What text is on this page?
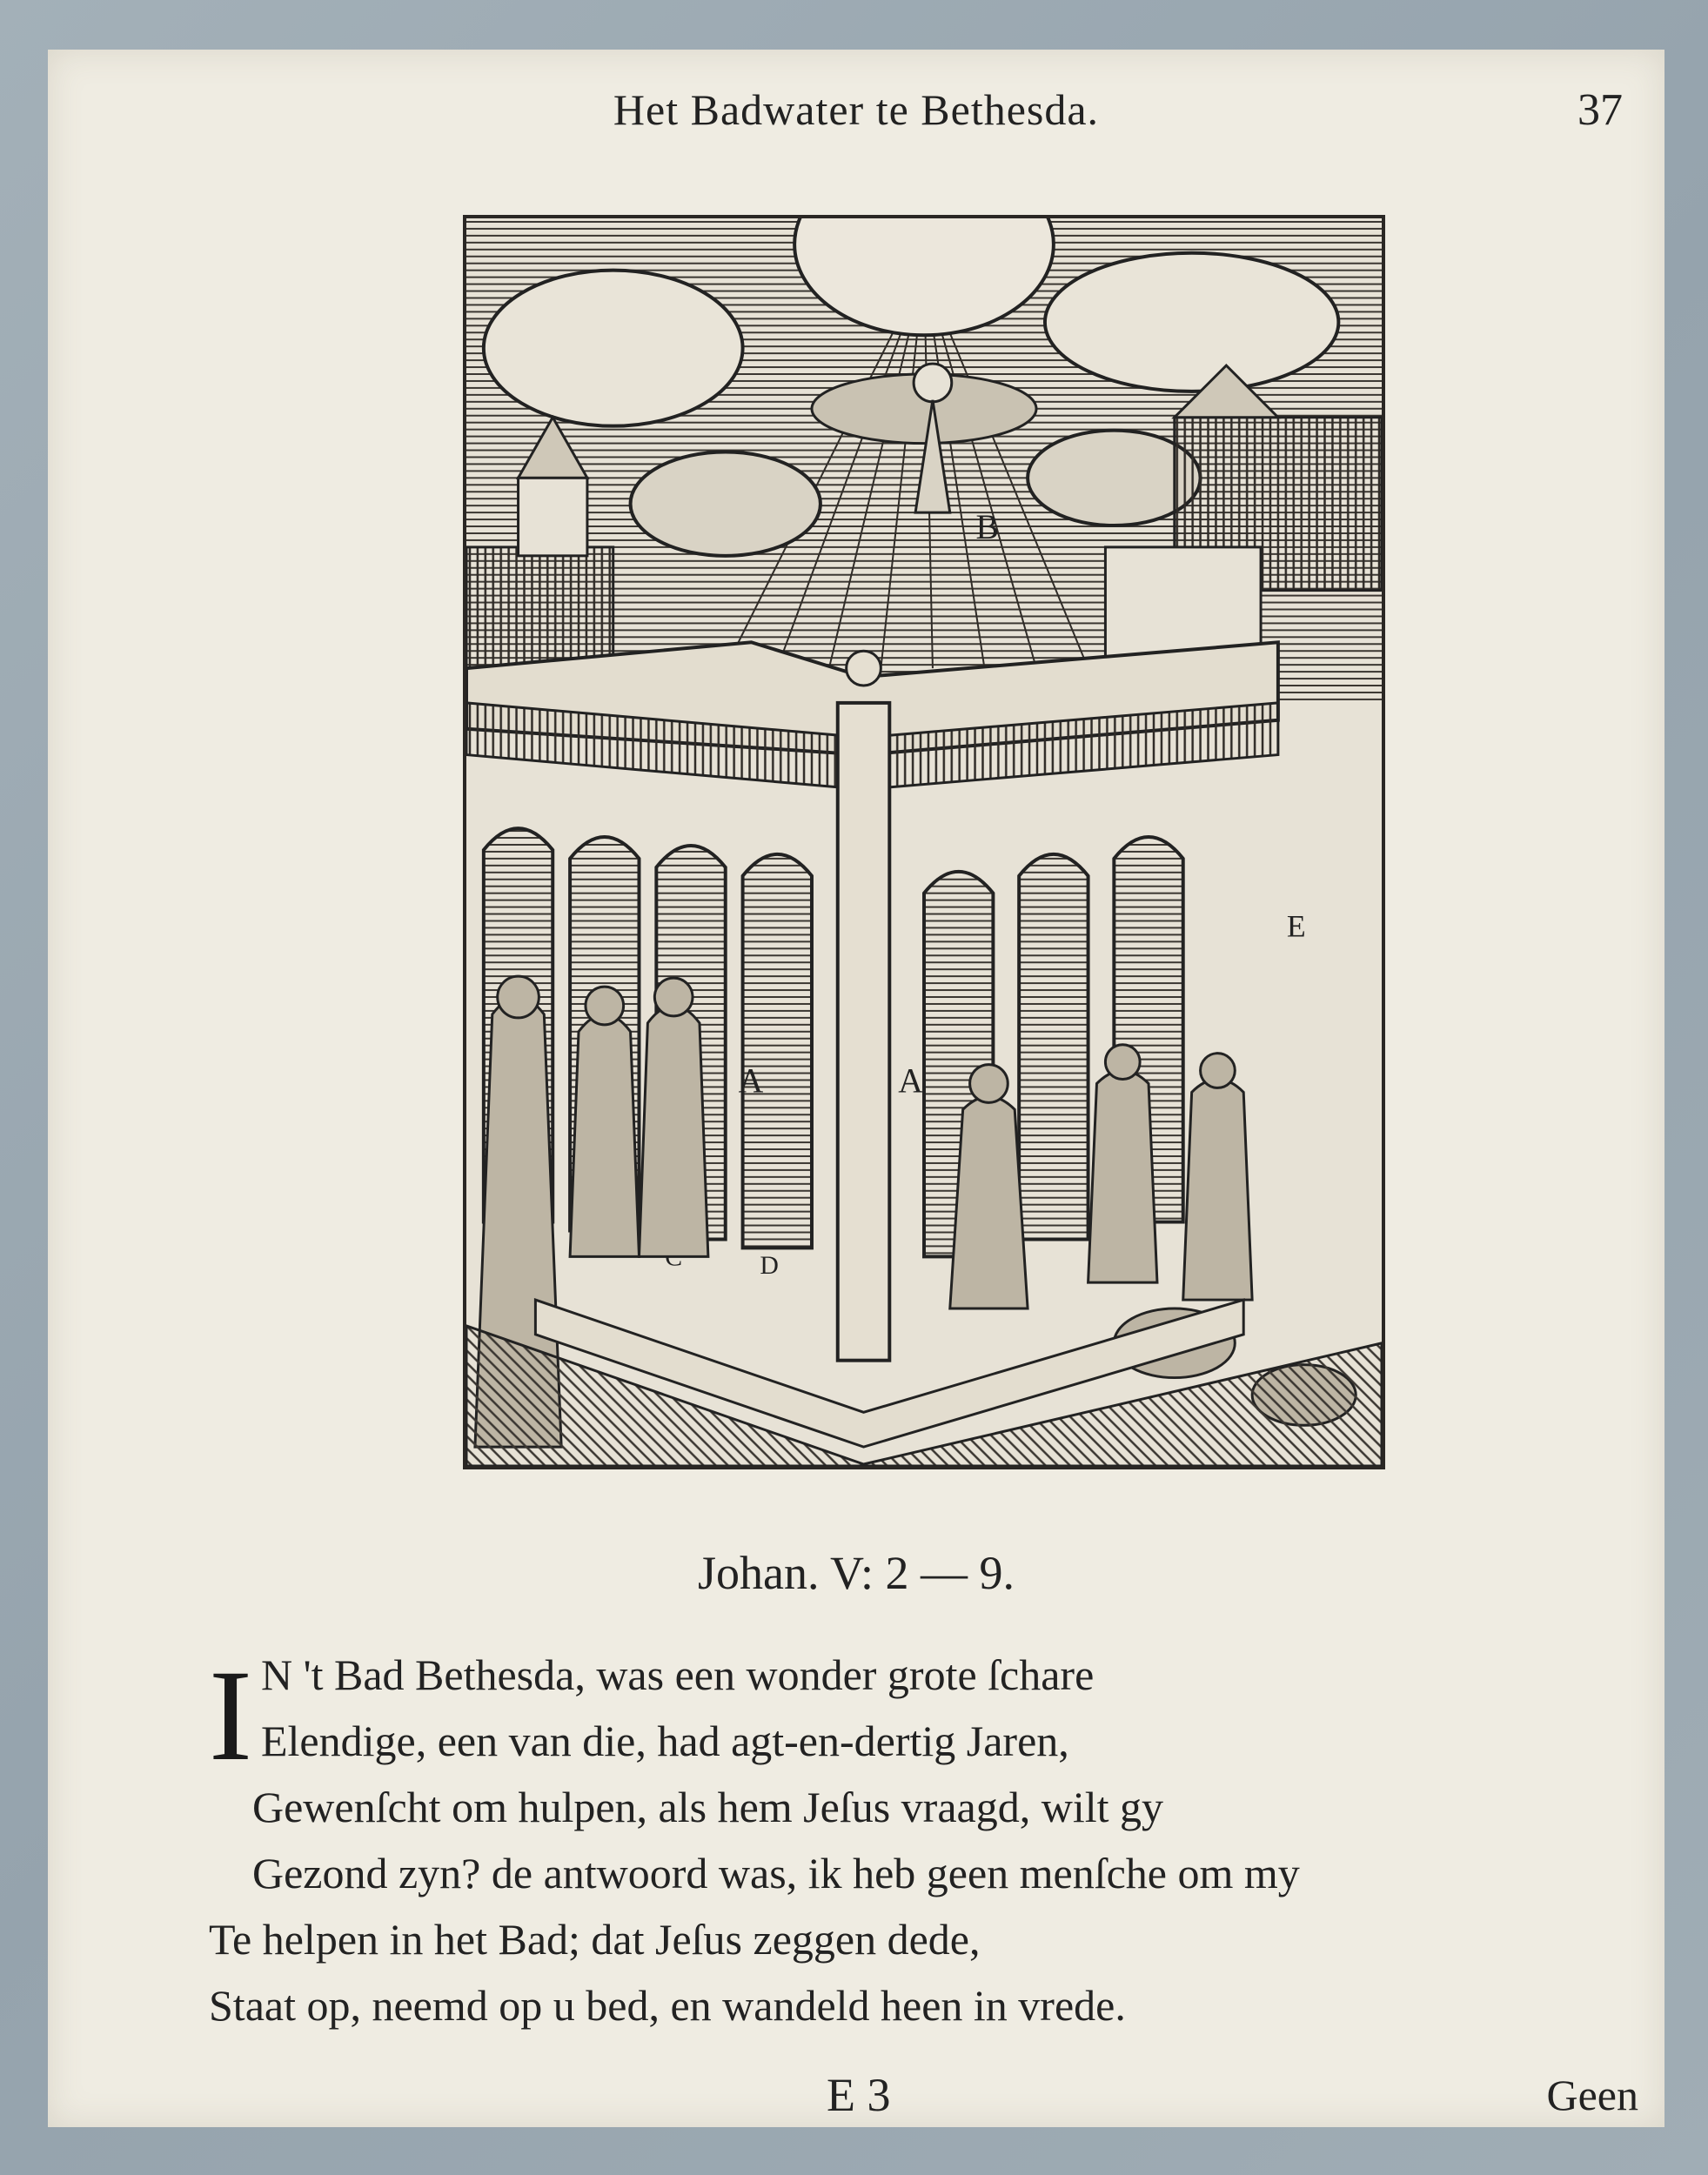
Het Badwater te Bethesda.	37
B
A	A
E
D
Johan. V: 2 — 9.
I N 't Bad Bethesda, was een wonder grote ſchare
Elendige, een van die, had agt-en-dertig Jaren,
Gewenſcht om hulpen, als hem Jeſus vraagd, wilt gy
Gezond zyn? de antwoord was, ik heb geen menſche om my
Te helpen in het Bad; dat Jeſus zeggen dede,
Staat op, neemd op u bed, en wandeld heen in vrede.
E 3	Geen
